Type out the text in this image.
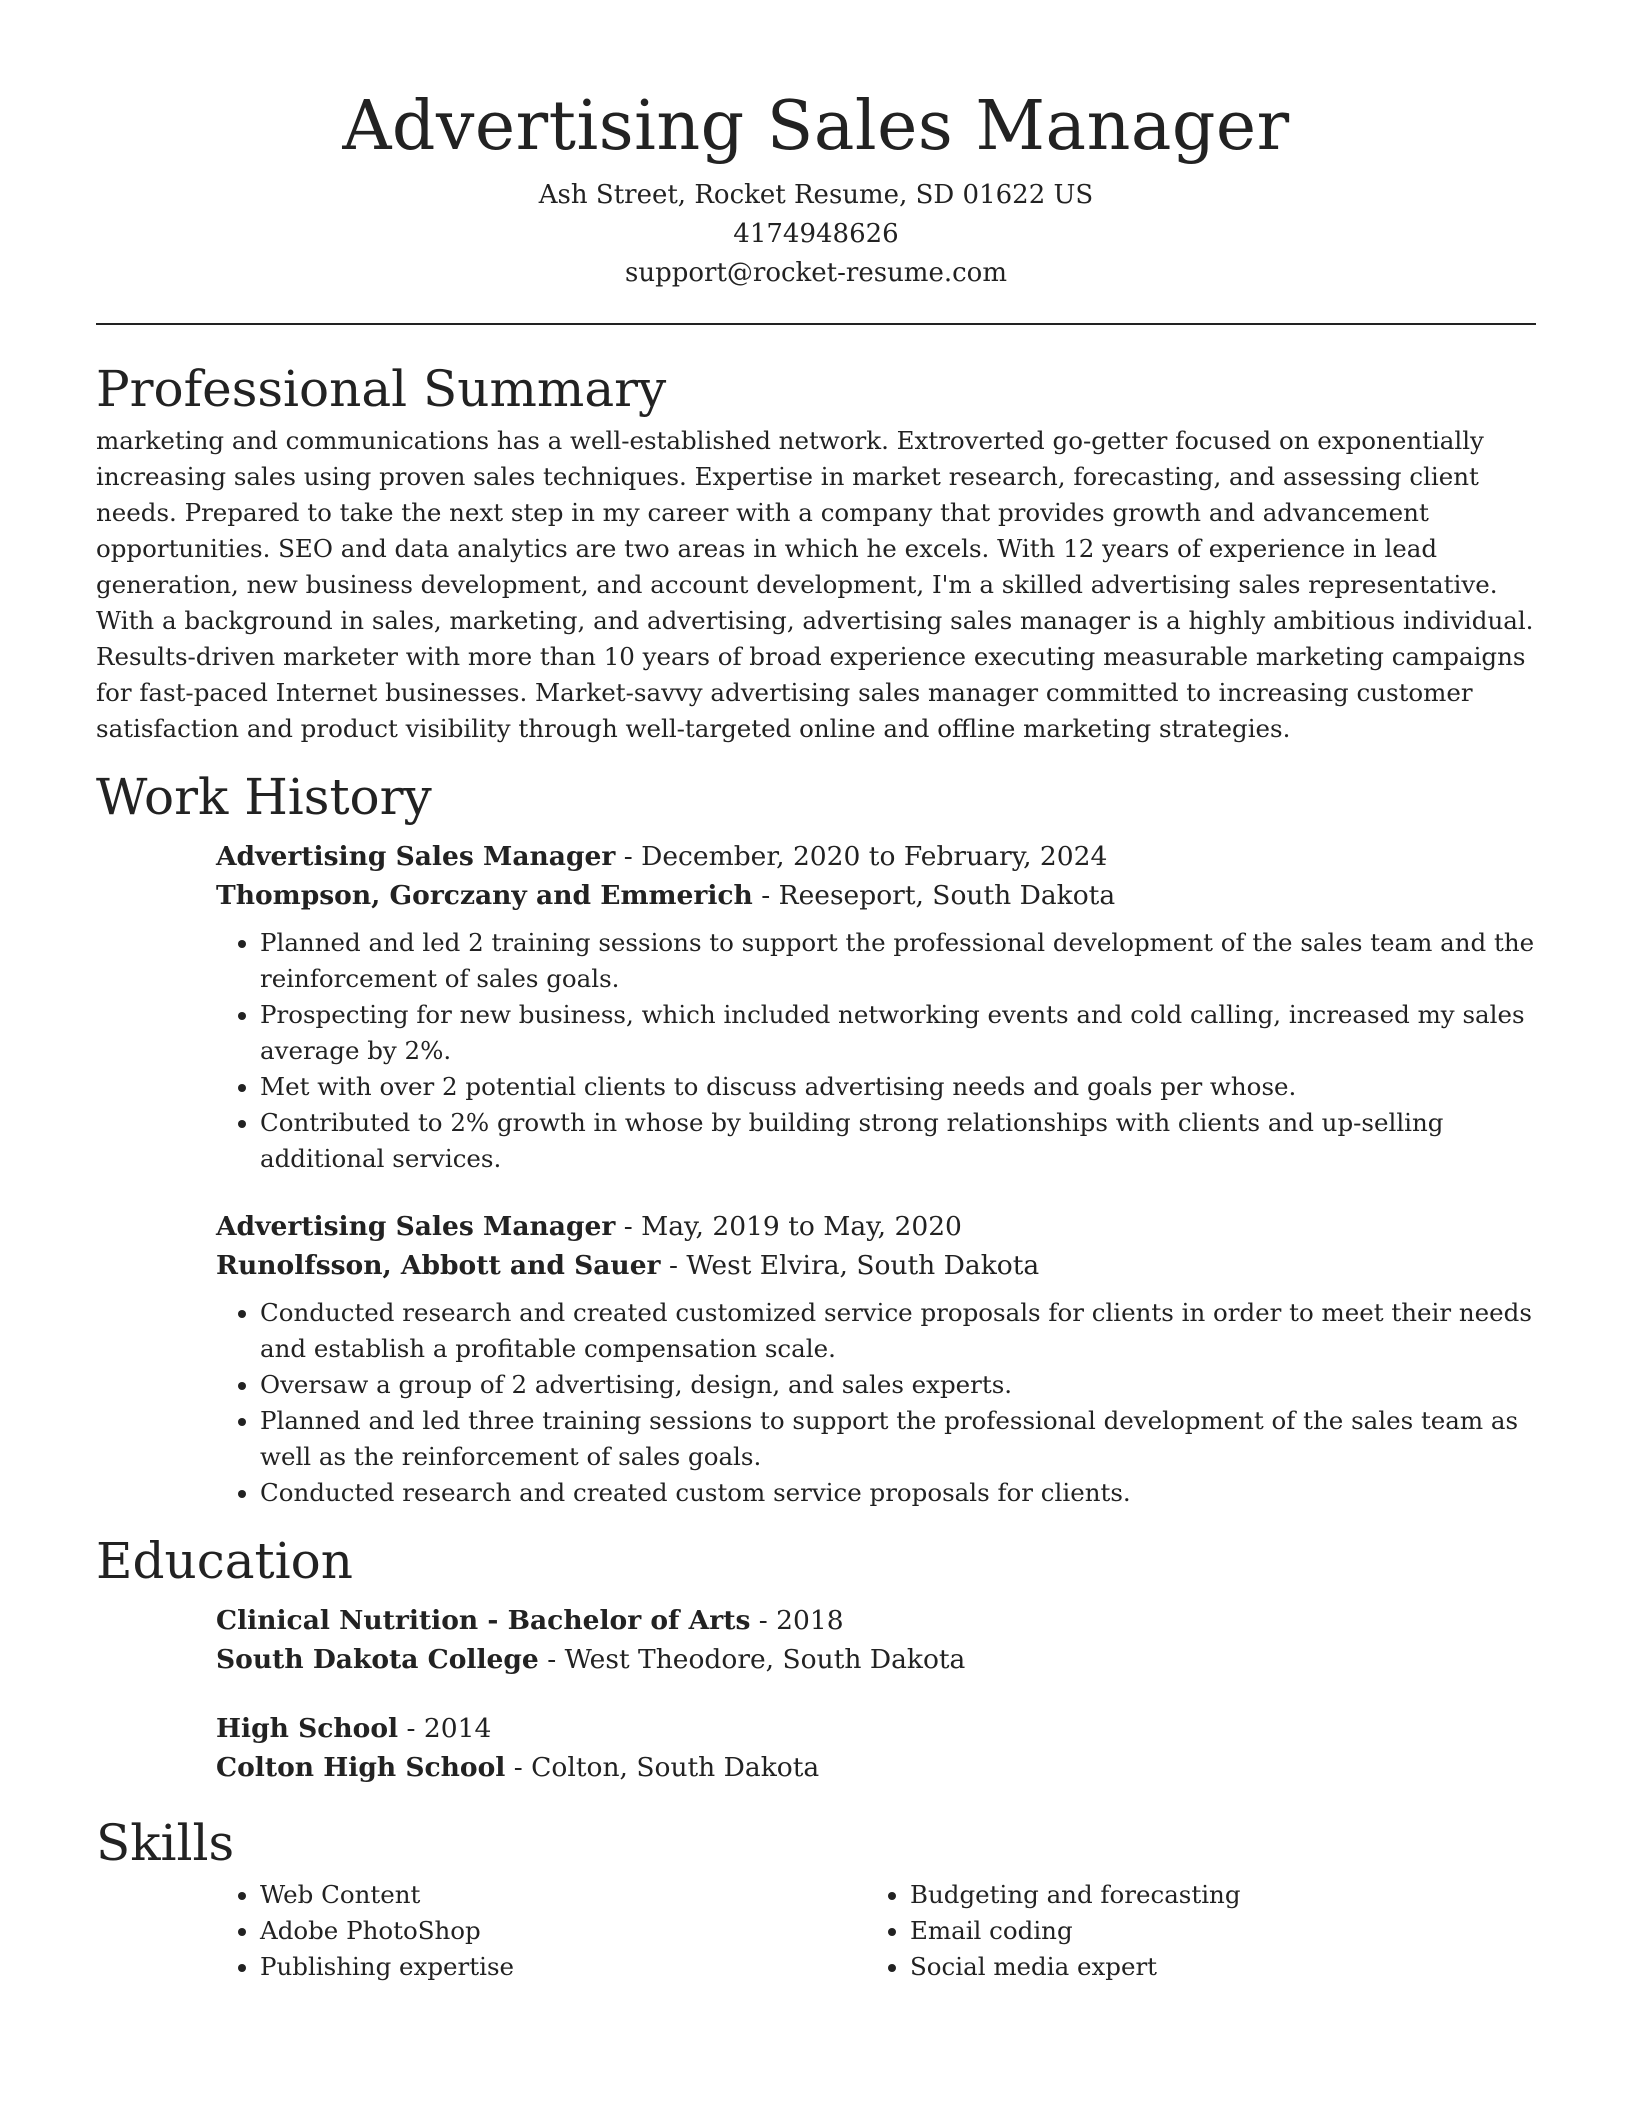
Advertising Sales Manager
Ash Street, Rocket Resume, SD 01622 US
4174948626
support@rocket-resume.com
Professional Summary

marketing and communications has a well-established network. Extroverted go-getter focused on exponentially increasing sales using proven sales techniques. Expertise in market research, forecasting, and assessing client needs. Prepared to take the next step in my career with a company that provides growth and advancement opportunities. SEO and data analytics are two areas in which he excels. With 12 years of experience in lead generation, new business development, and account development, I'm a skilled advertising sales representative. With a background in sales, marketing, and advertising, advertising sales manager is a highly ambitious individual. Results-driven marketer with more than 10 years of broad experience executing measurable marketing campaigns for fast-paced Internet businesses. Market-savvy advertising sales manager committed to increasing customer satisfaction and product visibility through well-targeted online and offline marketing strategies.

Work History
Advertising Sales Manager - December, 2020 to February, 2024
Thompson, Gorczany and Emmerich - Reeseport, South Dakota
• Planned and led 2 training sessions to support the professional development of the sales team and the reinforcement of sales goals.
• Prospecting for new business, which included networking events and cold calling, increased my sales average by 2%.
• Met with over 2 potential clients to discuss advertising needs and goals per whose.
• Contributed to 2% growth in whose by building strong relationships with clients and up-selling additional services.
Advertising Sales Manager - May, 2019 to May, 2020
Runolfsson, Abbott and Sauer - West Elvira, South Dakota
• Conducted research and created customized service proposals for clients in order to meet their needs and establish a profitable compensation scale.
• Oversaw a group of 2 advertising, design, and sales experts.
• Planned and led three training sessions to support the professional development of the sales team as well as the reinforcement of sales goals.
• Conducted research and created custom service proposals for clients.
Education
Clinical Nutrition - Bachelor of Arts - 2018
South Dakota College - West Theodore, South Dakota
High School - 2014
Colton High School - Colton, South Dakota
Skills
• Web Content
• Adobe PhotoShop
• Publishing expertise
• Budgeting and forecasting
• Email coding
• Social media expert
